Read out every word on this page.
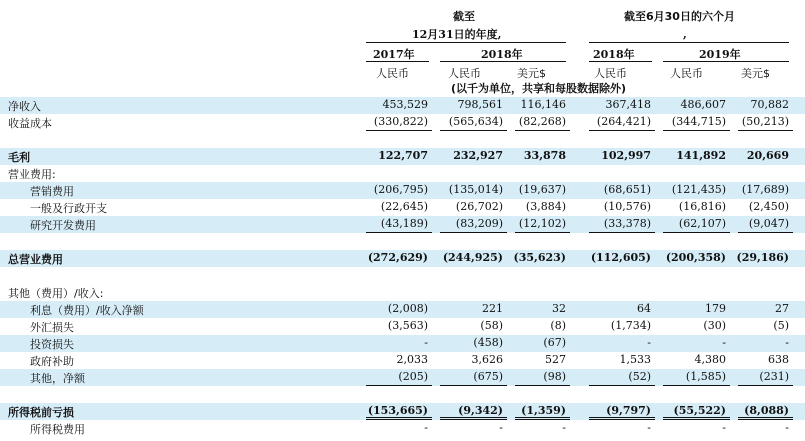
截至
12月31日的年度,
截至6月30日的六个月
,
2017年	2018年	2018年	2019年
人民币	人民币	美元$	人民币	人民币	美元$
(以千为单位，共享和每股数据除外)
净收入	453,529	798,561 116,146	367,418	486,607 70,882
收益成本	(330,822) (565,634) (82,268)	(264,421) (344,715) (50,213)
毛利	122,707 232,927 33,878	102,997 141,892 20,669
营业费用:
营销费用	(206,795) (135,014) (19,637)	(68,651) (121,435) (17,689)
一般及行政开支	(22,645)	(26,702) (3,884)	(10,576)	(16,816) (2,450)
研究开发费用	(43,189)	(83,209) (12,102)	(33,378)	(62,107) (9,047)
总营业费用	(272,629) (244,925) (35,623) (112,605) (200,358) (29,186)
其他（费用）/收入:
利息（费用）/收入净额	(2,008)	221	32	64	179	27
外汇损失	(3,563)	(58)	(8)	(1,734)	(30)	(5)
投资损失	-	(458)	(67)	-	-	-
政府补助	2,033	3,626	527	1,533	4,380	638
其他，净额	(205)	(675)	(98)	(52)	(1,585)	(231)
所得税前亏损	(153,665)	(9,342) (1,359)	(9,797) (55,522) (8,088)
所得税费用	-	-	-	-	-	-
